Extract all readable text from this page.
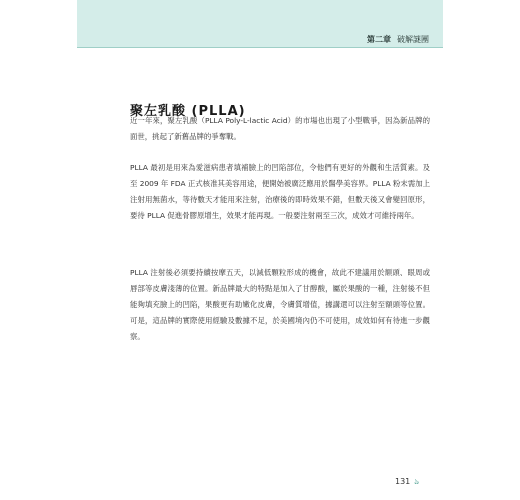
第二章 破解謎團
聚左乳酸 (PLLA)
近一年來，聚左乳酸（PLLA Poly-L-lactic Acid）的市場也出現了小型戰爭，因為新品牌的面世，挑起了新舊品牌的爭奪戰。
PLLA 最初是用來為愛滋病患者填補臉上的凹陷部位，令他們有更好的外觀和生活質素。及至 2009 年 FDA 正式核准其美容用途，便開始被廣泛應用於醫學美容界。PLLA 粉末需加上注射用無菌水，等待數天才能用來注射，治療後的即時效果不錯，但數天後又會變回原形，要待 PLLA 促進骨膠原增生，效果才能再現。一般要注射兩至三次，成效才可維持兩年。
PLLA 注射後必須要持續按摩五天，以減低顆粒形成的機會，故此不建議用於額頭、眼周或唇部等皮膚淺薄的位置。新品牌最大的特點是加入了甘醇酸，屬於果酸的一種，注射後不但能夠填充臉上的凹陷，果酸更有助嫩化皮膚，令膚質增值，據講還可以注射至額頭等位置。可是，這品牌的實際使用經驗及數據不足，於美國境內仍不可使用，成效如何有待進一步觀察。
131 ঌ
